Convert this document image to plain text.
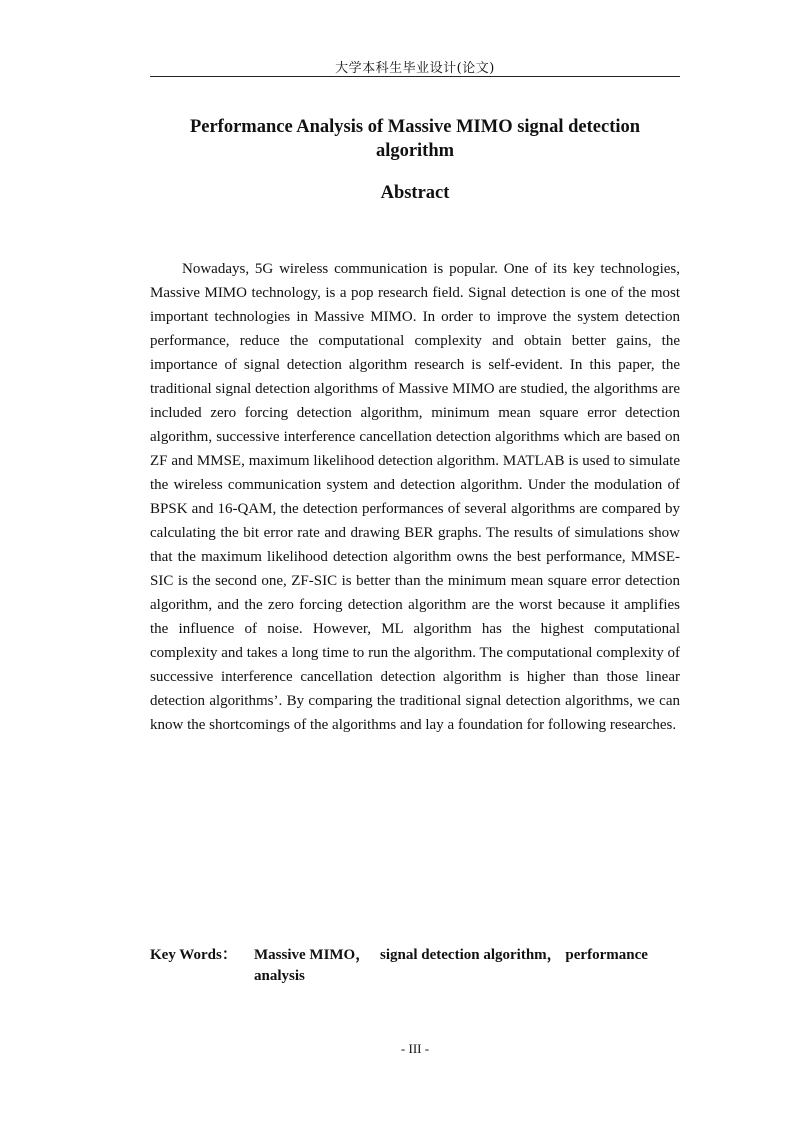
大学本科生毕业设计(论文)
Performance Analysis of Massive MIMO signal detection
algorithm
Abstract

Nowadays, 5G wireless communication is popular. One of its key technologies, Massive MIMO technology, is a pop research field. Signal detection is one of the most important technologies in Massive MIMO. In order to improve the system detection performance, reduce the computational complexity and obtain better gains, the importance of signal detection algorithm research is self-evident. In this paper, the traditional signal detection algorithms of Massive MIMO are studied, the algorithms are included zero forcing detection algorithm, minimum mean square error detection algorithm, successive interference cancellation detection algorithms which are based on ZF and MMSE, maximum likelihood detection algorithm. MATLAB is used to simulate the wireless communication system and detection algorithm. Under the modulation of BPSK and 16-QAM, the detection performances of several algorithms are compared by calculating the bit error rate and drawing BER graphs. The results of simulations show that the maximum likelihood detection algorithm owns the best performance, MMSE-SIC is the second one, ZF-SIC is better than the minimum mean square error detection algorithm, and the zero forcing detection algorithm are the worst because it amplifies the influence of noise. However, ML algorithm has the highest computational complexity and takes a long time to run the algorithm. The computational complexity of successive interference cancellation detection algorithm is higher than those linear detection algorithms’. By comparing the traditional signal detection algorithms, we can know the shortcomings of the algorithms and lay a foundation for following researches.

Key Words：	Massive MIMO， signal detection algorithm， performance analysis
- III -
